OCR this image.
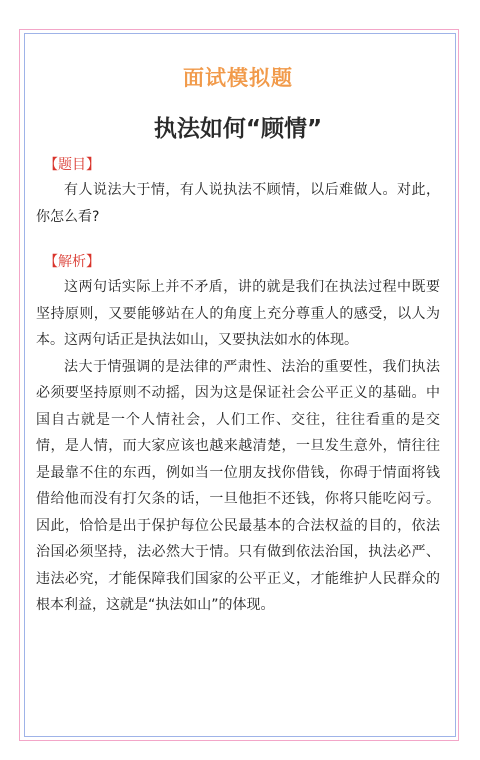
面试模拟题
执法如何“顾情”
【题目】

有人说法大于情，有人说执法不顾情，以后难做人。对此，你怎么看?

【解析】

这两句话实际上并不矛盾，讲的就是我们在执法过程中既要坚持原则，又要能够站在人的角度上充分尊重人的感受，以人为本。这两句话正是执法如山，又要执法如水的体现。

法大于情强调的是法律的严肃性、法治的重要性，我们执法必须要坚持原则不动摇，因为这是保证社会公平正义的基础。中国自古就是一个人情社会，人们工作、交往，往往看重的是交情，是人情，而大家应该也越来越清楚，一旦发生意外，情往往是最靠不住的东西，例如当一位朋友找你借钱，你碍于情面将钱借给他而没有打欠条的话，一旦他拒不还钱，你将只能吃闷亏。因此，恰恰是出于保护每位公民最基本的合法权益的目的，依法治国必须坚持，法必然大于情。只有做到依法治国，执法必严、违法必究，才能保障我们国家的公平正义，才能维护人民群众的根本利益，这就是“执法如山”的体现。
